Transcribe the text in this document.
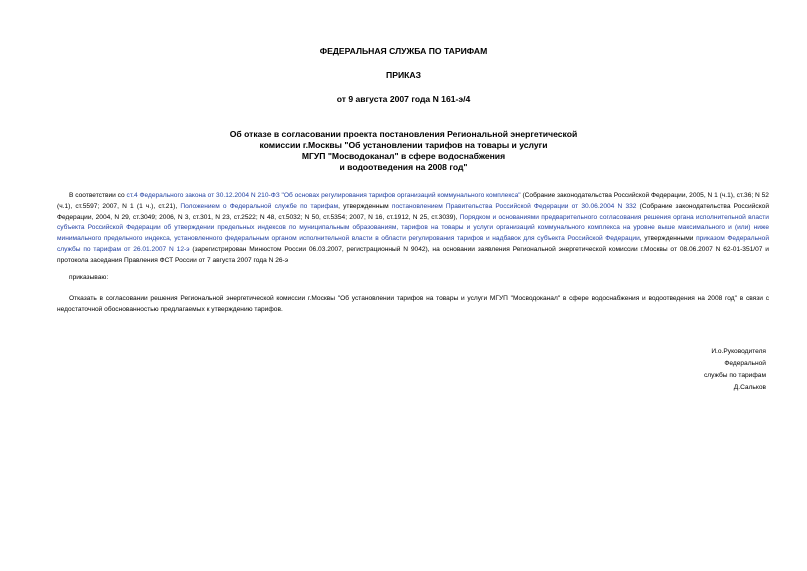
ФЕДЕРАЛЬНАЯ СЛУЖБА ПО ТАРИФАМ
ПРИКАЗ
от 9 августа 2007 года N 161-э/4
Об отказе в согласовании проекта постановления Региональной энергетической
комиссии г.Москвы "Об установлении тарифов на товары и услуги
МГУП "Мосводоканал" в сфере водоснабжения
и водоотведения на 2008 год"
В соответствии со ст.4 Федерального закона от 30.12.2004 N 210-ФЗ "Об основах регулирования тарифов организаций коммунального комплекса" (Собрание законодательства Российской Федерации, 2005, N 1 (ч.1), ст.36; N 52 (ч.1), ст.5597; 2007, N 1 (1 ч.), ст.21), Положением о Федеральной службе по тарифам, утвержденным постановлением Правительства Российской Федерации от 30.06.2004 N 332 (Собрание законодательства Российской Федерации, 2004, N 29, ст.3049; 2006, N 3, ст.301, N 23, ст.2522; N 48, ст.5032; N 50, ст.5354; 2007, N 16, ст.1912, N 25, ст.3039), Порядком и основаниями предварительного согласования решения органа исполнительной власти субъекта Российской Федерации об утверждении предельных индексов по муниципальным образованиям, тарифов на товары и услуги организаций коммунального комплекса на уровне выше максимального и (или) ниже минимального предельного индекса, установленного федеральным органом исполнительной власти в области регулирования тарифов и надбавок для субъекта Российской Федерации, утвержденными приказом Федеральной службы по тарифам от 26.01.2007 N 12-э (зарегистрирован Минюстом России 06.03.2007, регистрационный N 9042), на основании заявления Региональной энергетической комиссии г.Москвы от 08.06.2007 N 62-01-351/07 и протокола заседания Правления ФСТ России от 7 августа 2007 года N 26-э
приказываю:
Отказать в согласовании решения Региональной энергетической комиссии г.Москвы "Об установлении тарифов на товары и услуги МГУП "Мосводоканал" в сфере водоснабжения и водоотведения на 2008 год" в связи с недостаточной обоснованностью предлагаемых к утверждению тарифов.
И.о.Руководителя
Федеральной
службы по тарифам
Д.Сальков
